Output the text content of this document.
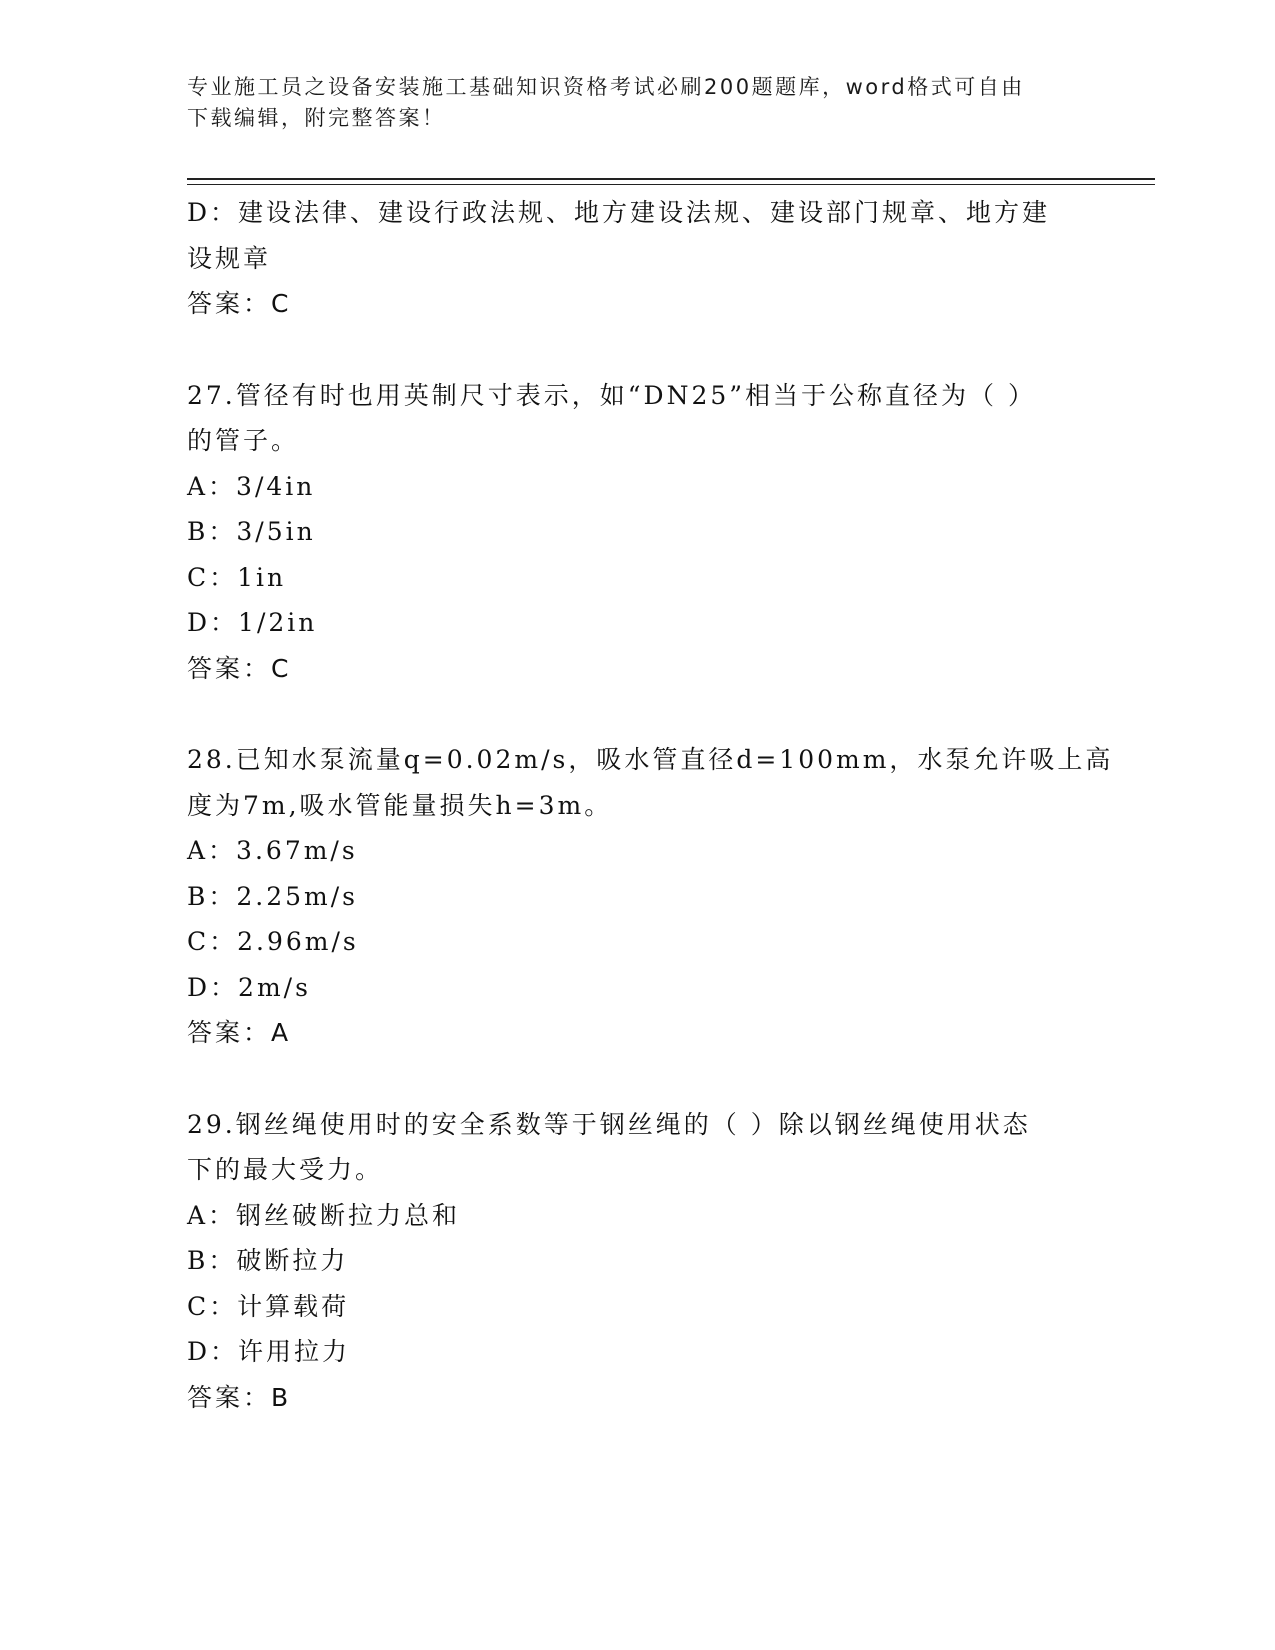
专业施工员之设备安装施工基础知识资格考试必刷200题题库，word格式可自由
下载编辑，附完整答案！
D：建设法律、建设行政法规、地方建设法规、建设部门规章、地方建
设规章
答案：C
27.管径有时也用英制尺寸表示，如“DN25”相当于公称直径为（ ）
的管子。
A：3/4in
B：3/5in
C：1in
D：1/2in
答案：C
28.已知水泵流量q=0.02m/s，吸水管直径d=100mm，水泵允许吸上高
度为7m,吸水管能量损失h=3m。
A：3.67m/s
B：2.25m/s
C：2.96m/s
D：2m/s
答案：A
29.钢丝绳使用时的安全系数等于钢丝绳的（ ）除以钢丝绳使用状态
下的最大受力。
A：钢丝破断拉力总和
B：破断拉力
C：计算载荷
D：许用拉力
答案：B
